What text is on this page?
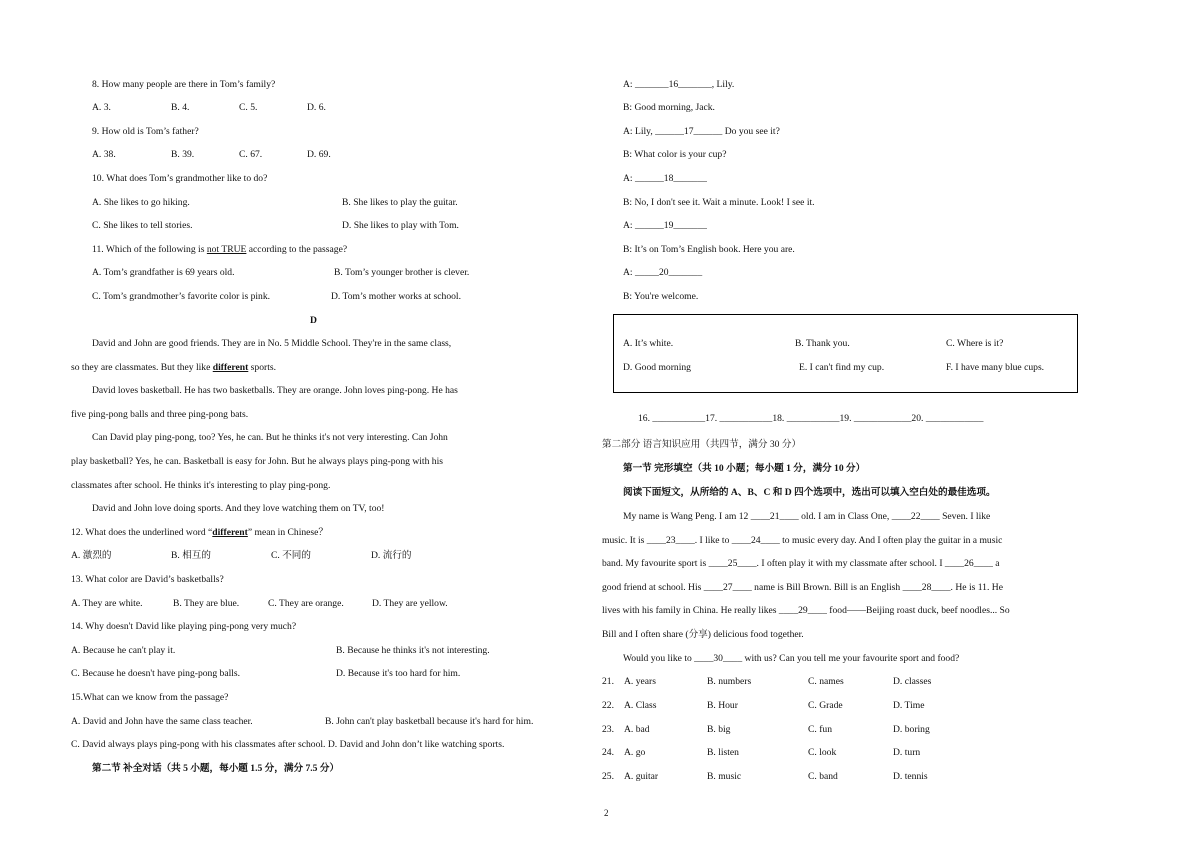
8. How many people are there in Tom’s family?
A. 3.	B. 4.	C. 5.	D. 6.
9. How old is Tom’s father?
A. 38.	B. 39.	C. 67.	D. 69.
10. What does Tom’s grandmother like to do?
A. She likes to go hiking.	B. She likes to play the guitar.
C. She likes to tell stories.	D. She likes to play with Tom.
11. Which of the following is not TRUE according to the passage?
A. Tom’s grandfather is 69 years old.	B. Tom’s younger brother is clever.
C. Tom’s grandmother’s favorite color is pink.	D. Tom’s mother works at school.
D
David and John are good friends. They are in No. 5 Middle School. They're in the same class,
so they are classmates. But they like different sports.
David loves basketball. He has two basketballs. They are orange. John loves ping-pong. He has
five ping-pong balls and three ping-pong bats.
Can David play ping-pong, too? Yes, he can. But he thinks it's not very interesting. Can John
play basketball? Yes, he can. Basketball is easy for John. But he always plays ping-pong with his
classmates after school. He thinks it's interesting to play ping-pong.
David and John love doing sports. And they love watching them on TV, too!
12. What does the underlined word “different” mean in Chinese？
A. 激烈的	B. 相互的	C. 不同的	D. 流行的
13. What color are David’s basketballs?
A. They are white.	B. They are blue.	C. They are orange.	D. They are yellow.
14. Why doesn't David like playing ping-pong very much?
A. Because he can't play it.	B. Because he thinks it's not interesting.
C. Because he doesn't have ping-pong balls.	D. Because it's too hard for him.
15.What can we know from the passage?
A. David and John have the same class teacher.	B. John can't play basketball because it's hard for him.
C. David always plays ping-pong with his classmates after school. D. David and John don’t like watching sports.
第二节 补全对话（共 5 小题，每小题 1.5 分，满分 7.5 分）
A: _______16_______, Lily.
B: Good morning, Jack.
A: Lily, ______17______ Do you see it?
B: What color is your cup?
A: ______18_______
B: No, I don't see it. Wait a minute. Look! I see it.
A: ______19_______
B: It’s on Tom’s English book. Here you are.
A: _____20_______
B: You're welcome.
A. It’s white.	B. Thank you.	C. Where is it?
D. Good morning	E. I can't find my cup.	F. I have many blue cups.
16. ___________17. ___________18. ___________19. ____________20. ____________
第二部分 语言知识应用（共四节，满分 30 分）
第一节 完形填空（共 10 小题；每小题 1 分，满分 10 分）
阅读下面短文，从所给的 A、B、C 和 D 四个选项中，选出可以填入空白处的最佳选项。
My name is Wang Peng. I am 12 ____21____ old. I am in Class One, ____22____ Seven. I like
music. It is ____23____. I like to ____24____ to music every day. And I often play the guitar in a music
band. My favourite sport is ____25____. I often play it with my classmate after school. I ____26____ a
good friend at school. His ____27____ name is Bill Brown. Bill is an English ____28____. He is 11. He
lives with his family in China. He really likes ____29____ food——Beijing roast duck, beef noodles... So
Bill and I often share (分享) delicious food together.
Would you like to ____30____ with us? Can you tell me your favourite sport and food?
21. A. years	B. numbers	C. names	D. classes
22. A. Class	B. Hour	C. Grade	D. Time
23. A. bad	B. big	C. fun	D. boring
24. A. go	B. listen	C. look	D. turn
25. A. guitar	B. music	C. band	D. tennis
2
